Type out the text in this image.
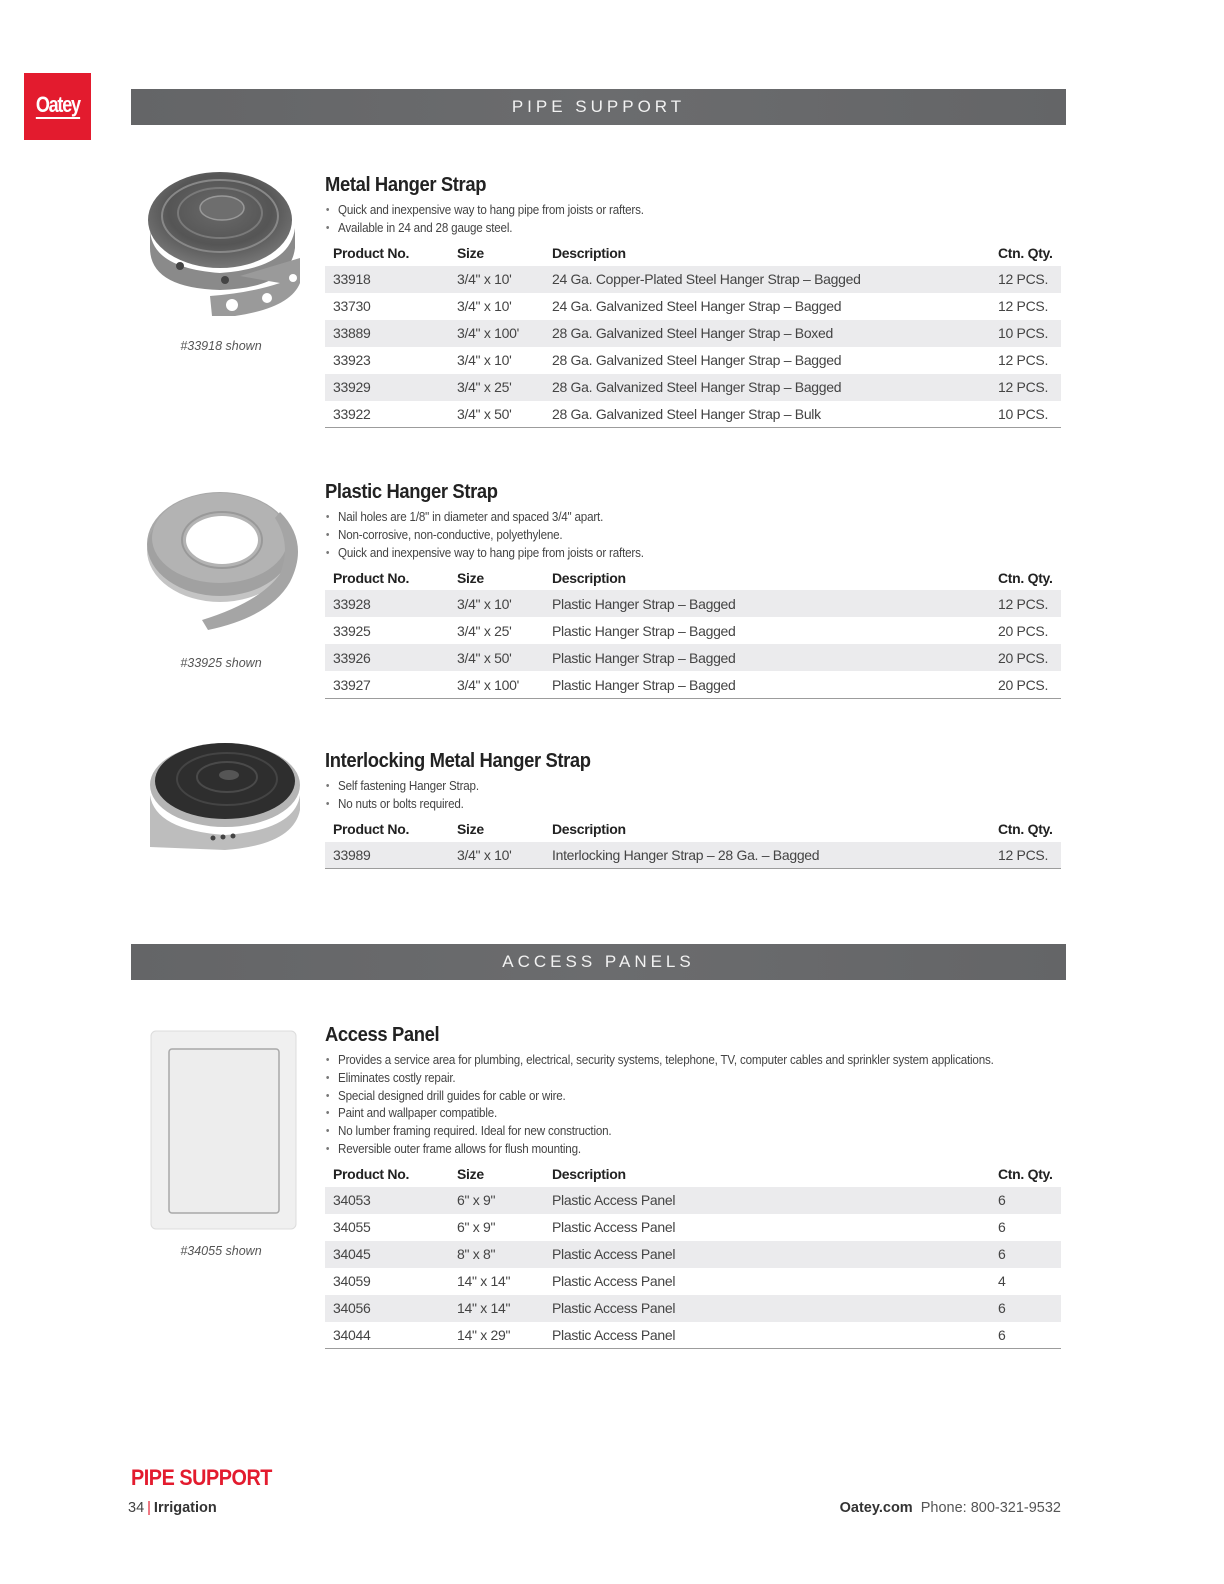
Oatey	PIPE SUPPORT
ACCESS PANELS
#33918 shown
#33925 shown
#34055 shown
Metal Hanger Strap
• Quick and inexpensive way to hang pipe from joists or rafters.
• Available in 24 and 28 gauge steel.
Product No.	Size	Description	Ctn. Qty.
33918	3/4" x 10'	24 Ga. Copper-Plated Steel Hanger Strap – Bagged	12 PCS.
33730	3/4" x 10'	24 Ga. Galvanized Steel Hanger Strap – Bagged	12 PCS.
33889	3/4" x 100'	28 Ga. Galvanized Steel Hanger Strap – Boxed	10 PCS.
33923	3/4" x 10'	28 Ga. Galvanized Steel Hanger Strap – Bagged	12 PCS.
33929	3/4" x 25'	28 Ga. Galvanized Steel Hanger Strap – Bagged	12 PCS.
33922	3/4" x 50'	28 Ga. Galvanized Steel Hanger Strap – Bulk	10 PCS.
Plastic Hanger Strap
• Nail holes are 1/8" in diameter and spaced 3/4" apart.
• Non-corrosive, non-conductive, polyethylene.
• Quick and inexpensive way to hang pipe from joists or rafters.
Product No.	Size	Description	Ctn. Qty.
33928	3/4" x 10'	Plastic Hanger Strap – Bagged	12 PCS.
33925	3/4" x 25'	Plastic Hanger Strap – Bagged	20 PCS.
33926	3/4" x 50'	Plastic Hanger Strap – Bagged	20 PCS.
33927	3/4" x 100'	Plastic Hanger Strap – Bagged	20 PCS.
Interlocking Metal Hanger Strap
• Self fastening Hanger Strap.
• No nuts or bolts required.
Product No.	Size	Description	Ctn. Qty.
33989	3/4" x 10'	Interlocking Hanger Strap – 28 Ga. – Bagged	12 PCS.
Access Panel
• Provides a service area for plumbing, electrical, security systems, telephone, TV, computer cables and sprinkler system applications.
• Eliminates costly repair.
• Special designed drill guides for cable or wire.
• Paint and wallpaper compatible.
• No lumber framing required. Ideal for new construction.
• Reversible outer frame allows for flush mounting.
Product No.	Size	Description	Ctn. Qty.
34053	6" x 9"	Plastic Access Panel	6
34055	6" x 9"	Plastic Access Panel	6
34045	8" x 8"	Plastic Access Panel	6
34059	14" x 14"	Plastic Access Panel	4
34056	14" x 14"	Plastic Access Panel	6
34044	14" x 29"	Plastic Access Panel	6
PIPE SUPPORT
34 | Irrigation	Oatey.com Phone: 800-321-9532
